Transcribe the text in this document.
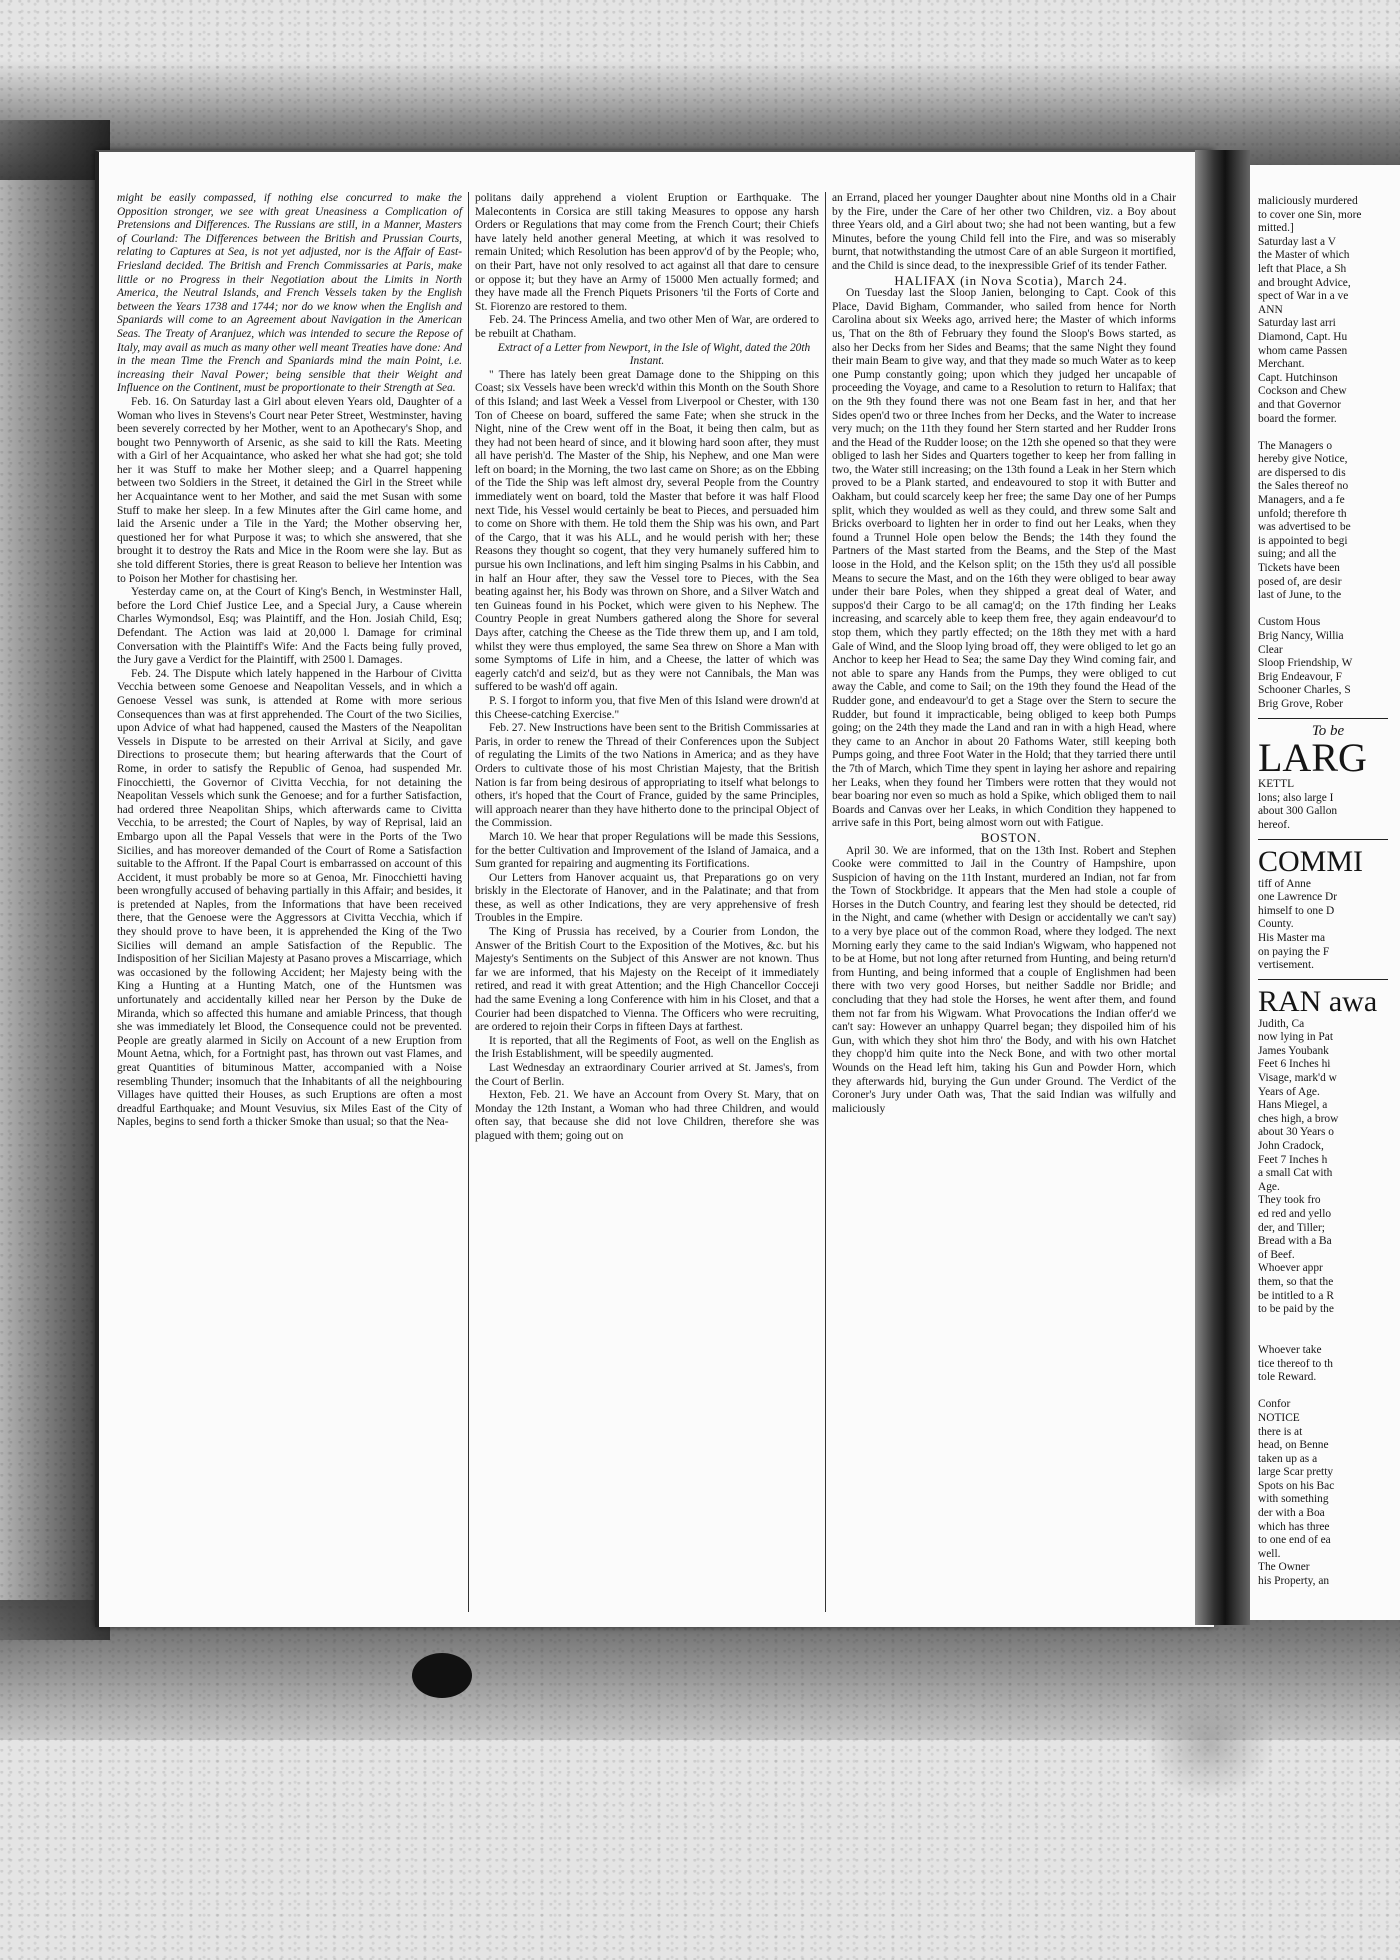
might be easily compassed, if nothing else concurred to make the Opposition stronger, we see with great Uneasiness a Complication of Pretensions and Differences. The Russians are still, in a Manner, Masters of Courland: The Differences between the British and Prussian Courts, relating to Captures at Sea, is not yet adjusted, nor is the Affair of East-Friesland decided. The British and French Commissaries at Paris, make little or no Progress in their Negotiation about the Limits in North America, the Neutral Islands, and French Vessels taken by the English between the Years 1738 and 1744; nor do we know when the English and Spaniards will come to an Agreement about Navigation in the American Seas. The Treaty of Aranjuez, which was intended to secure the Repose of Italy, may avail as much as many other well meant Treaties have done: And in the mean Time the French and Spaniards mind the main Point, i.e. increasing their Naval Power; being sensible that their Weight and Influence on the Continent, must be proportionate to their Strength at Sea.

Feb. 16. On Saturday last a Girl about eleven Years old, Daughter of a Woman who lives in Stevens's Court near Peter Street, Westminster, having been severely corrected by her Mother, went to an Apothecary's Shop, and bought two Pennyworth of Arsenic, as she said to kill the Rats. Meeting with a Girl of her Acquaintance, who asked her what she had got; she told her it was Stuff to make her Mother sleep; and a Quarrel happening between two Soldiers in the Street, it detained the Girl in the Street while her Acquaintance went to her Mother, and said the met Susan with some Stuff to make her sleep. In a few Minutes after the Girl came home, and laid the Arsenic under a Tile in the Yard; the Mother observing her, questioned her for what Purpose it was; to which she answered, that she brought it to destroy the Rats and Mice in the Room were she lay. But as she told different Stories, there is great Reason to believe her Intention was to Poison her Mother for chastising her.

Yesterday came on, at the Court of King's Bench, in Westminster Hall, before the Lord Chief Justice Lee, and a Special Jury, a Cause wherein Charles Wymondsol, Esq; was Plaintiff, and the Hon. Josiah Child, Esq; Defendant. The Action was laid at 20,000 l. Damage for criminal Conversation with the Plaintiff's Wife: And the Facts being fully proved, the Jury gave a Verdict for the Plaintiff, with 2500 l. Damages.

Feb. 24. The Dispute which lately happened in the Harbour of Civitta Vecchia between some Genoese and Neapolitan Vessels, and in which a Genoese Vessel was sunk, is attended at Rome with more serious Consequences than was at first apprehended. The Court of the two Sicilies, upon Advice of what had happened, caused the Masters of the Neapolitan Vessels in Dispute to be arrested on their Arrival at Sicily, and gave Directions to prosecute them; but hearing afterwards that the Court of Rome, in order to satisfy the Republic of Genoa, had suspended Mr. Finocchietti, the Governor of Civitta Vecchia, for not detaining the Neapolitan Vessels which sunk the Genoese; and for a further Satisfaction, had ordered three Neapolitan Ships, which afterwards came to Civitta Vecchia, to be arrested; the Court of Naples, by way of Reprisal, laid an Embargo upon all the Papal Vessels that were in the Ports of the Two Sicilies, and has moreover demanded of the Court of Rome a Satisfaction suitable to the Affront. If the Papal Court is embarrassed on account of this Accident, it must probably be more so at Genoa, Mr. Finocchietti having been wrongfully accused of behaving partially in this Affair; and besides, it is pretended at Naples, from the Informations that have been received there, that the Genoese were the Aggressors at Civitta Vecchia, which if they should prove to have been, it is apprehended the King of the Two Sicilies will demand an ample Satisfaction of the Republic. The Indisposition of her Sicilian Majesty at Pasano proves a Miscarriage, which was occasioned by the following Accident; her Majesty being with the King a Hunting at a Hunting Match, one of the Huntsmen was unfortunately and accidentally killed near her Person by the Duke de Miranda, which so affected this humane and amiable Princess, that though she was immediately let Blood, the Consequence could not be prevented. People are greatly alarmed in Sicily on Account of a new Eruption from Mount Aetna, which, for a Fortnight past, has thrown out vast Flames, and great Quantities of bituminous Matter, accompanied with a Noise resembling Thunder; insomuch that the Inhabitants of all the neighbouring Villages have quitted their Houses, as such Eruptions are often a most dreadful Earthquake; and Mount Vesuvius, six Miles East of the City of Naples, begins to send forth a thicker Smoke than usual; so that the Nea-

politans daily apprehend a violent Eruption or Earthquake. The Malecontents in Corsica are still taking Measures to oppose any harsh Orders or Regulations that may come from the French Court; their Chiefs have lately held another general Meeting, at which it was resolved to remain United; which Resolution has been approv'd of by the People; who, on their Part, have not only resolved to act against all that dare to censure or oppose it; but they have an Army of 15000 Men actually formed; and they have made all the French Piquets Prisoners 'til the Forts of Corte and St. Fiorenzo are restored to them.

Feb. 24. The Princess Amelia, and two other Men of War, are ordered to be rebuilt at Chatham.

Extract of a Letter from Newport, in the Isle of Wight, dated the 20th Instant.

" There has lately been great Damage done to the Shipping on this Coast; six Vessels have been wreck'd within this Month on the South Shore of this Island; and last Week a Vessel from Liverpool or Chester, with 130 Ton of Cheese on board, suffered the same Fate; when she struck in the Night, nine of the Crew went off in the Boat, it being then calm, but as they had not been heard of since, and it blowing hard soon after, they must all have perish'd. The Master of the Ship, his Nephew, and one Man were left on board; in the Morning, the two last came on Shore; as on the Ebbing of the Tide the Ship was left almost dry, several People from the Country immediately went on board, told the Master that before it was half Flood next Tide, his Vessel would certainly be beat to Pieces, and persuaded him to come on Shore with them. He told them the Ship was his own, and Part of the Cargo, that it was his ALL, and he would perish with her; these Reasons they thought so cogent, that they very humanely suffered him to pursue his own Inclinations, and left him singing Psalms in his Cabbin, and in half an Hour after, they saw the Vessel tore to Pieces, with the Sea beating against her, his Body was thrown on Shore, and a Silver Watch and ten Guineas found in his Pocket, which were given to his Nephew. The Country People in great Numbers gathered along the Shore for several Days after, catching the Cheese as the Tide threw them up, and I am told, whilst they were thus employed, the same Sea threw on Shore a Man with some Symptoms of Life in him, and a Cheese, the latter of which was eagerly catch'd and seiz'd, but as they were not Cannibals, the Man was suffered to be wash'd off again.

P. S. I forgot to inform you, that five Men of this Island were drown'd at this Cheese-catching Exercise."

Feb. 27. New Instructions have been sent to the British Commissaries at Paris, in order to renew the Thread of their Conferences upon the Subject of regulating the Limits of the two Nations in America; and as they have Orders to cultivate those of his most Christian Majesty, that the British Nation is far from being desirous of appropriating to itself what belongs to others, it's hoped that the Court of France, guided by the same Principles, will approach nearer than they have hitherto done to the principal Object of the Commission.

March 10. We hear that proper Regulations will be made this Sessions, for the better Cultivation and Improvement of the Island of Jamaica, and a Sum granted for repairing and augmenting its Fortifications.

Our Letters from Hanover acquaint us, that Preparations go on very briskly in the Electorate of Hanover, and in the Palatinate; and that from these, as well as other Indications, they are very apprehensive of fresh Troubles in the Empire.

The King of Prussia has received, by a Courier from London, the Answer of the British Court to the Exposition of the Motives, &c. but his Majesty's Sentiments on the Subject of this Answer are not known. Thus far we are informed, that his Majesty on the Receipt of it immediately retired, and read it with great Attention; and the High Chancellor Cocceji had the same Evening a long Conference with him in his Closet, and that a Courier had been dispatched to Vienna. The Officers who were recruiting, are ordered to rejoin their Corps in fifteen Days at farthest.

It is reported, that all the Regiments of Foot, as well on the English as the Irish Establishment, will be speedily augmented.

Last Wednesday an extraordinary Courier arrived at St. James's, from the Court of Berlin.

Hexton, Feb. 21. We have an Account from Overy St. Mary, that on Monday the 12th Instant, a Woman who had three Children, and would often say, that because she did not love Children, therefore she was plagued with them; going out on

an Errand, placed her younger Daughter about nine Months old in a Chair by the Fire, under the Care of her other two Children, viz. a Boy about three Years old, and a Girl about two; she had not been wanting, but a few Minutes, before the young Child fell into the Fire, and was so miserably burnt, that notwithstanding the utmost Care of an able Surgeon it mortified, and the Child is since dead, to the inexpressible Grief of its tender Father.

HALIFAX (in Nova Scotia), March 24.

On Tuesday last the Sloop Janien, belonging to Capt. Cook of this Place, David Bigham, Commander, who sailed from hence for North Carolina about six Weeks ago, arrived here; the Master of which informs us, That on the 8th of February they found the Sloop's Bows started, as also her Decks from her Sides and Beams; that the same Night they found their main Beam to give way, and that they made so much Water as to keep one Pump constantly going; upon which they judged her uncapable of proceeding the Voyage, and came to a Resolution to return to Halifax; that on the 9th they found there was not one Beam fast in her, and that her Sides open'd two or three Inches from her Decks, and the Water to increase very much; on the 11th they found her Stern started and her Rudder Irons and the Head of the Rudder loose; on the 12th she opened so that they were obliged to lash her Sides and Quarters together to keep her from falling in two, the Water still increasing; on the 13th found a Leak in her Stern which proved to be a Plank started, and endeavoured to stop it with Butter and Oakham, but could scarcely keep her free; the same Day one of her Pumps split, which they woulded as well as they could, and threw some Salt and Bricks overboard to lighten her in order to find out her Leaks, when they found a Trunnel Hole open below the Bends; the 14th they found the Partners of the Mast started from the Beams, and the Step of the Mast loose in the Hold, and the Kelson split; on the 15th they us'd all possible Means to secure the Mast, and on the 16th they were obliged to bear away under their bare Poles, when they shipped a great deal of Water, and suppos'd their Cargo to be all camag'd; on the 17th finding her Leaks increasing, and scarcely able to keep them free, they again endeavour'd to stop them, which they partly effected; on the 18th they met with a hard Gale of Wind, and the Sloop lying broad off, they were obliged to let go an Anchor to keep her Head to Sea; the same Day they Wind coming fair, and not able to spare any Hands from the Pumps, they were obliged to cut away the Cable, and come to Sail; on the 19th they found the Head of the Rudder gone, and endeavour'd to get a Stage over the Stern to secure the Rudder, but found it impracticable, being obliged to keep both Pumps going; on the 24th they made the Land and ran in with a high Head, where they came to an Anchor in about 20 Fathoms Water, still keeping both Pumps going, and three Foot Water in the Hold; that they tarried there until the 7th of March, which Time they spent in laying her ashore and repairing her Leaks, when they found her Timbers were rotten that they would not bear boaring nor even so much as hold a Spike, which obliged them to nail Boards and Canvas over her Leaks, in which Condition they happened to arrive safe in this Port, being almost worn out with Fatigue.

BOSTON.

April 30. We are informed, that on the 13th Inst. Robert and Stephen Cooke were committed to Jail in the Country of Hampshire, upon Suspicion of having on the 11th Instant, murdered an Indian, not far from the Town of Stockbridge. It appears that the Men had stole a couple of Horses in the Dutch Country, and fearing lest they should be detected, rid in the Night, and came (whether with Design or accidentally we can't say) to a very bye place out of the common Road, where they lodged. The next Morning early they came to the said Indian's Wigwam, who happened not to be at Home, but not long after returned from Hunting, and being return'd from Hunting, and being informed that a couple of Englishmen had been there with two very good Horses, but neither Saddle nor Bridle; and concluding that they had stole the Horses, he went after them, and found them not far from his Wigwam. What Provocations the Indian offer'd we can't say: However an unhappy Quarrel began; they dispoiled him of his Gun, with which they shot him thro' the Body, and with his own Hatchet they chopp'd him quite into the Neck Bone, and with two other mortal Wounds on the Head left him, taking his Gun and Powder Horn, which they afterwards hid, burying the Gun under Ground. The Verdict of the Coroner's Jury under Oath was, That the said Indian was wilfully and maliciously

maliciously murdered
to cover one Sin, more
mitted.]
Saturday last a V
the Master of which
left that Place, a Sh
and brought Advice,
spect of War in a ve
ANN
Saturday last arri
Diamond, Capt. Hu
whom came Passen
Merchant.
Capt. Hutchinson
Cockson and Chew
and that Governor
board the former.

The Managers o
hereby give Notice,
are dispersed to dis
the Sales thereof no
Managers, and a fe
unfold; therefore th
was advertised to be
is appointed to begi
suing; and all the
Tickets have been
posed of, are desir
last of June, to the

Custom Hous
Brig Nancy, Willia
Clear
Sloop Friendship, W
Brig Endeavour, F
Schooner Charles, S
Brig Grove, Rober
To be
LARG
KETTL
lons; also large I
about 300 Gallon
hereof.
COMMI
tiff of Anne
one Lawrence Dr
himself to one D
County.
His Master ma
on paying the F
vertisement.
RAN awa
Judith, Ca
now lying in Pat
James Youbank
Feet 6 Inches hi
Visage, mark'd w
Years of Age.
Hans Miegel, a
ches high, a brow
about 30 Years o
John Cradock,
Feet 7 Inches h
a small Cat with
Age.
They took fro
ed red and yello
der, and Tiller;
Bread with a Ba
of Beef.
Whoever appr
them, so that the
be intitled to a R
to be paid by the

Whoever take
tice thereof to th
tole Reward.

Confor
NOTICE
there is at
head, on Benne
taken up as a
large Scar pretty
Spots on his Bac
with something
der with a Boa
which has three
to one end of ea
well.
The Owner
his Property, an
